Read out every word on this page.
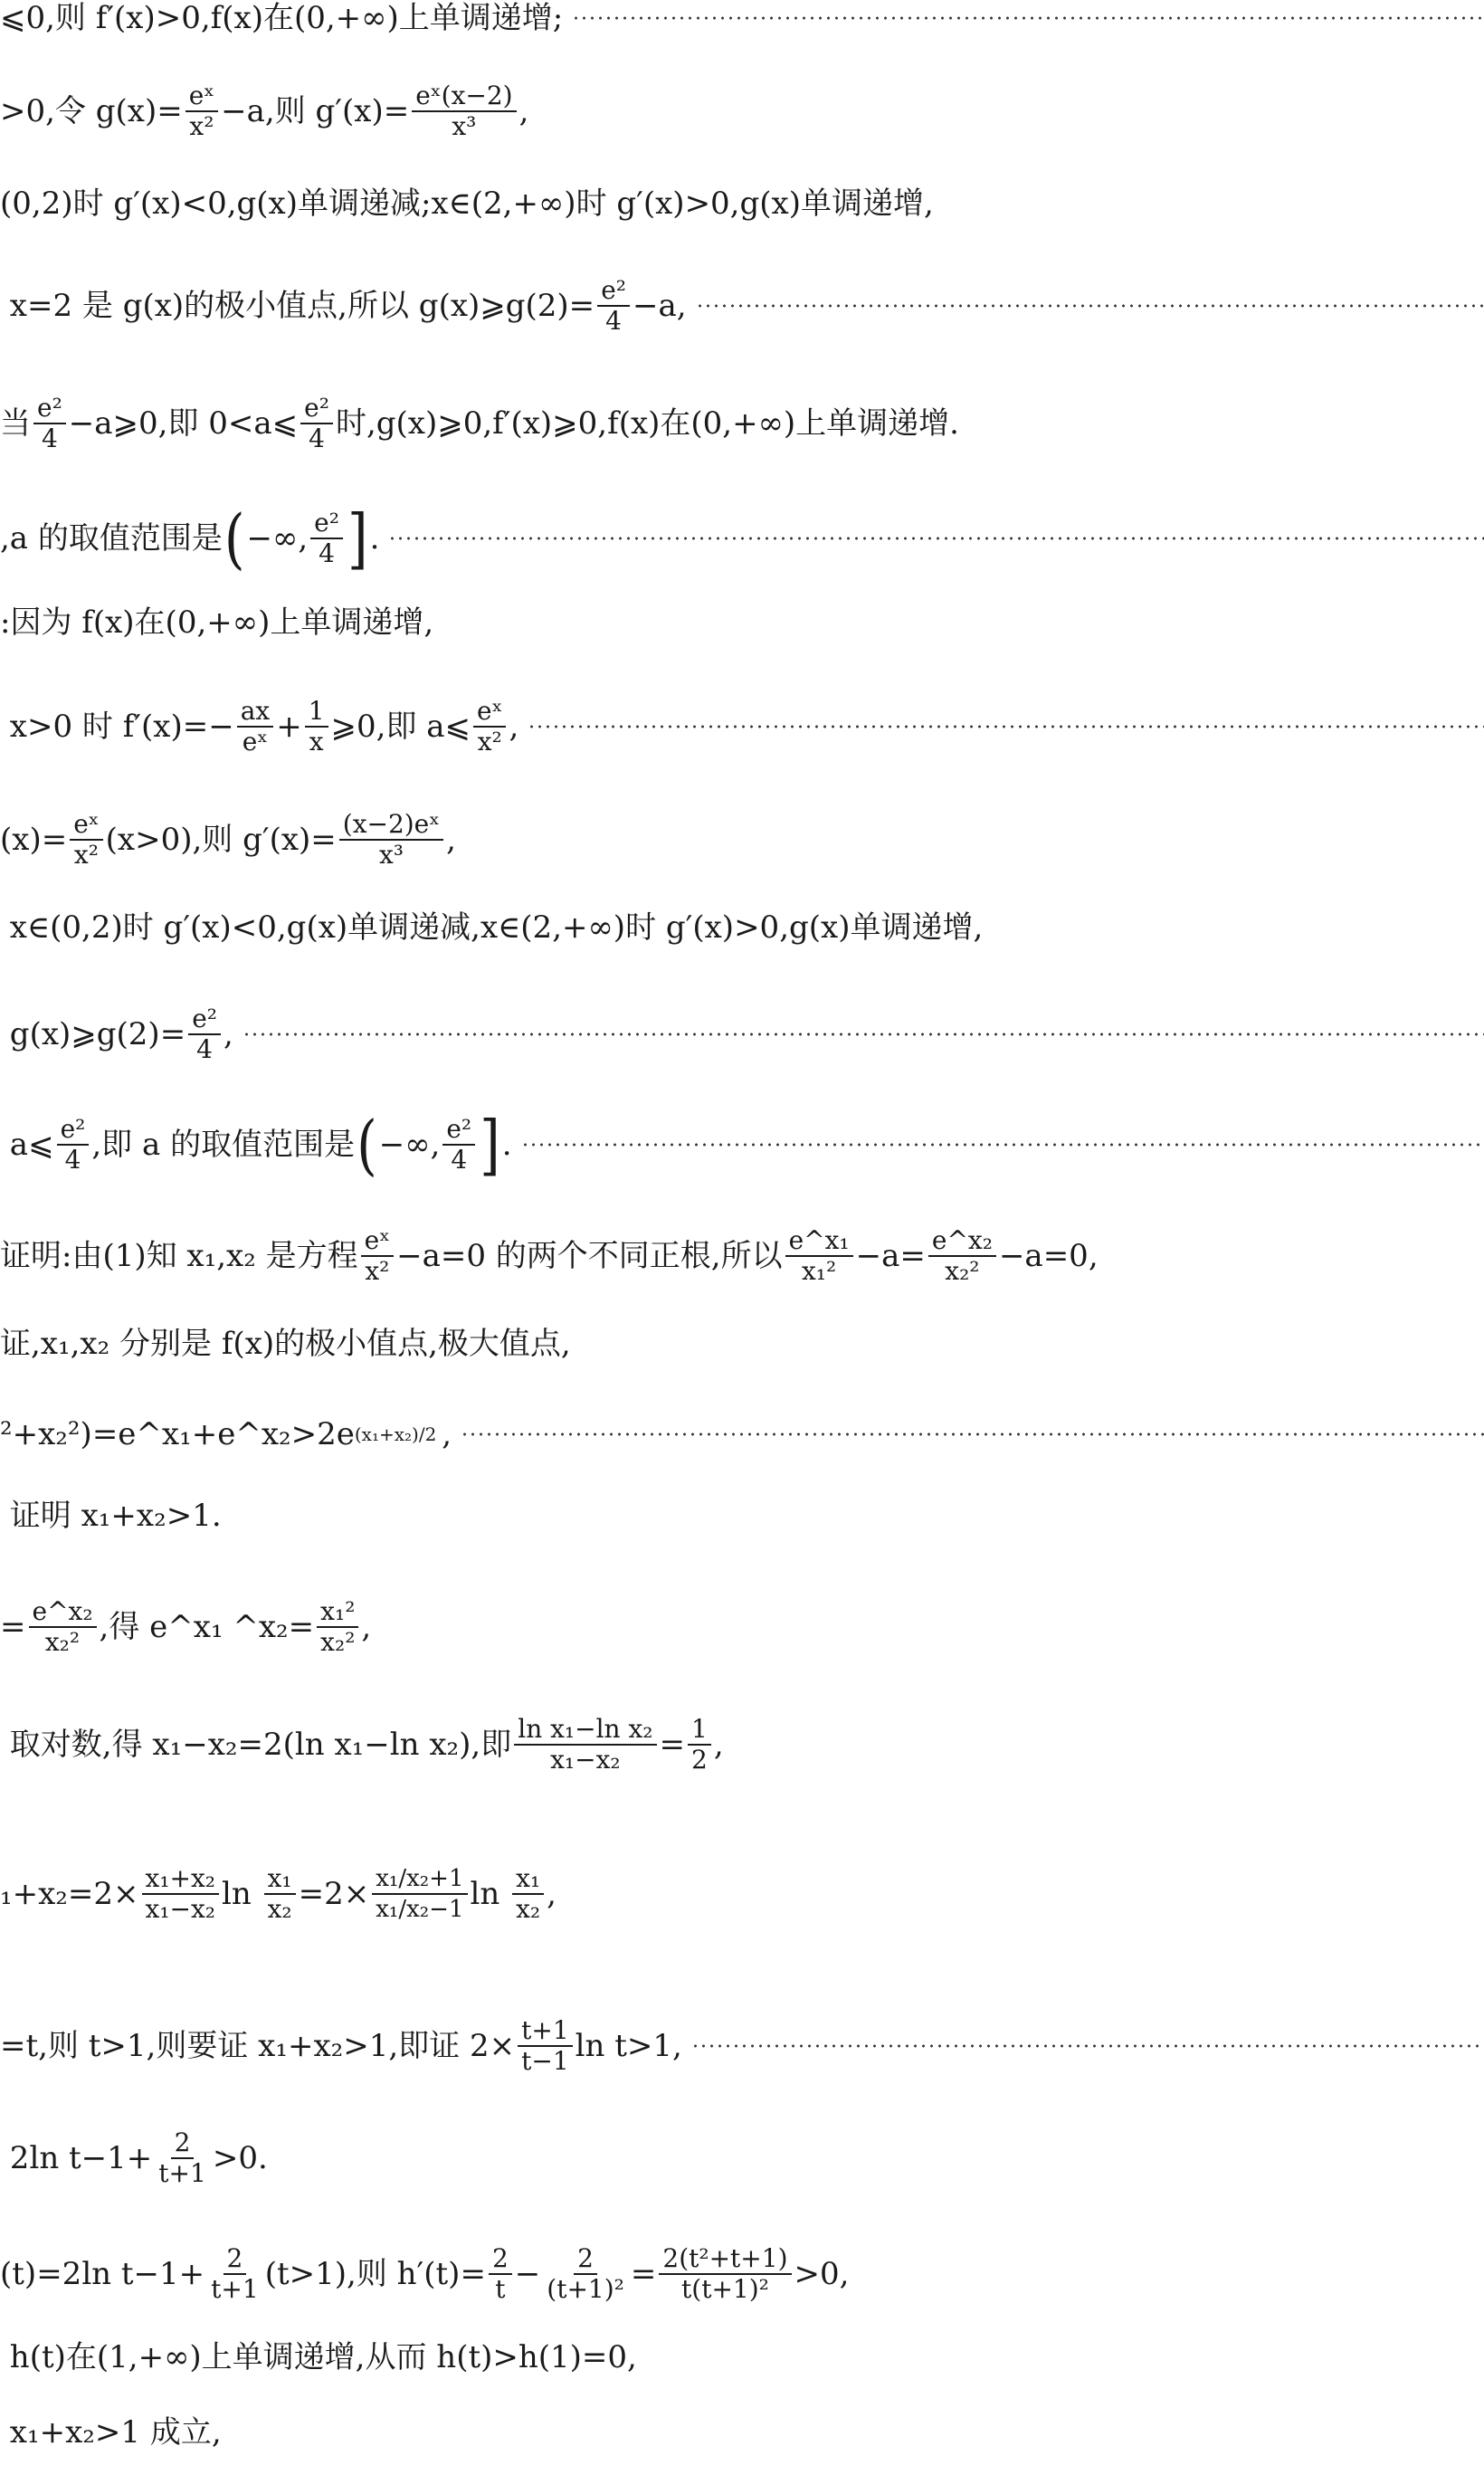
⩽0,则 f′(x)>0,f(x)在(0,+∞)上单调递增;
>0,令 $g(x)= \frac{\text{eˣ}}{\text{x²}} -a$,则 $g'(x)= \frac{\text{eˣ(x−2)}}{\text{x³}}$ ,
(0,2)时 g′(x)<0,g(x)单调递减;x∈(2,+∞)时 g′(x)>0,g(x)单调递增,
x=2 是 g(x)的极小值点,所以 g(x)⩾g(2)= $\frac{\text{e²}}{4} -a$,
当 $\frac{\text{e²}}{4}$ −a⩾0,即 0<a⩽ $\frac{\text{e²}}{4}$ 时,g(x)⩾0,f′(x)⩾0,f(x)在(0,+∞)上单调递增.
,a 的取值范围是 ( −∞, $\frac{\text{e²}}{4}$ ] .
:因为 f(x)在(0,+∞)上单调递增,
x>0 时 $f'(x)=- \frac{ax}{\text{eˣ}} + \frac{1}{x}$ ⩾0,即 a⩽ $\frac{\text{eˣ}}{\text{x²}}$ ,
$(x)= \frac{\text{eˣ}}{\text{x²}} (x>0)$,则 $g'(x)= \frac{\text{(x−2)eˣ}}{\text{x³}}$ ,
x∈(0,2)时 g′(x)<0,g(x)单调递减,x∈(2,+∞)时 g′(x)>0,g(x)单调递增,
g(x)⩾g(2)= $\frac{\text{e²}}{4}$ ,
a⩽ $\frac{\text{e²}}{4}$ ,即 a 的取值范围是 ( −∞, $\frac{\text{e²}}{4}$ ] .
证明:由(1)知 x₁,x₂ 是方程 $\frac{\text{eˣ}}{\text{x²}} -a=0$ 的两个不同正根,所以 $\frac{\text{e\textasciicircum{}x₁}}{\text{x₁²}} -a= \frac{\text{e\textasciicircum{}x₂}}{\text{x₂²}} -a=0$,
证,x₁,x₂ 分别是 f(x)的极小值点,极大值点,
²+x₂²)=e^x₁+e^x₂>2e (x₁+x₂)/2 ,
证明 x₁+x₂>1.
= $\frac{\text{e\textasciicircum{}x₂}}{\text{x₂²}}$ ,得 e^x₁ ^x₂= $\frac{\text{x₁²}}{\text{x₂²}}$ ,
取对数,得 x₁−x₂=2(ln x₁−ln x₂),即 $\frac{\text{ln x₁−ln x₂}}{\text{x₁−x₂}} = \frac{1}{2}$ ,
$_1+x_2=2\times \frac{\text{x₁+x₂}}{\text{x₁−x₂}}$ $\ln \frac{\text{x₁}}{\text{x₂}} =2\times \frac{\text{x₁/x₂+1}}{\text{x₁/x₂−1}}$ $\ln \frac{\text{x₁}}{\text{x₂}}$ ,
=t,则 t>1,则要证 x₁+x₂>1,即证 $2\times \frac{t+1}{t-1}$ ln t>1,
2ln $t-1+ \frac{2}{t+1} >0$.
(t)=2ln $t-1+ \frac{2}{t+1} (t>1)$,则 $h'(t)= \frac{2}{t} - \frac{2}{\text{(t+1)²}} = \frac{\text{2(t²+t+1)}}{\text{t(t+1)²}} >0$,
h(t)在(1,+∞)上单调递增,从而 h(t)>h(1)=0,
x₁+x₂>1 成立,
